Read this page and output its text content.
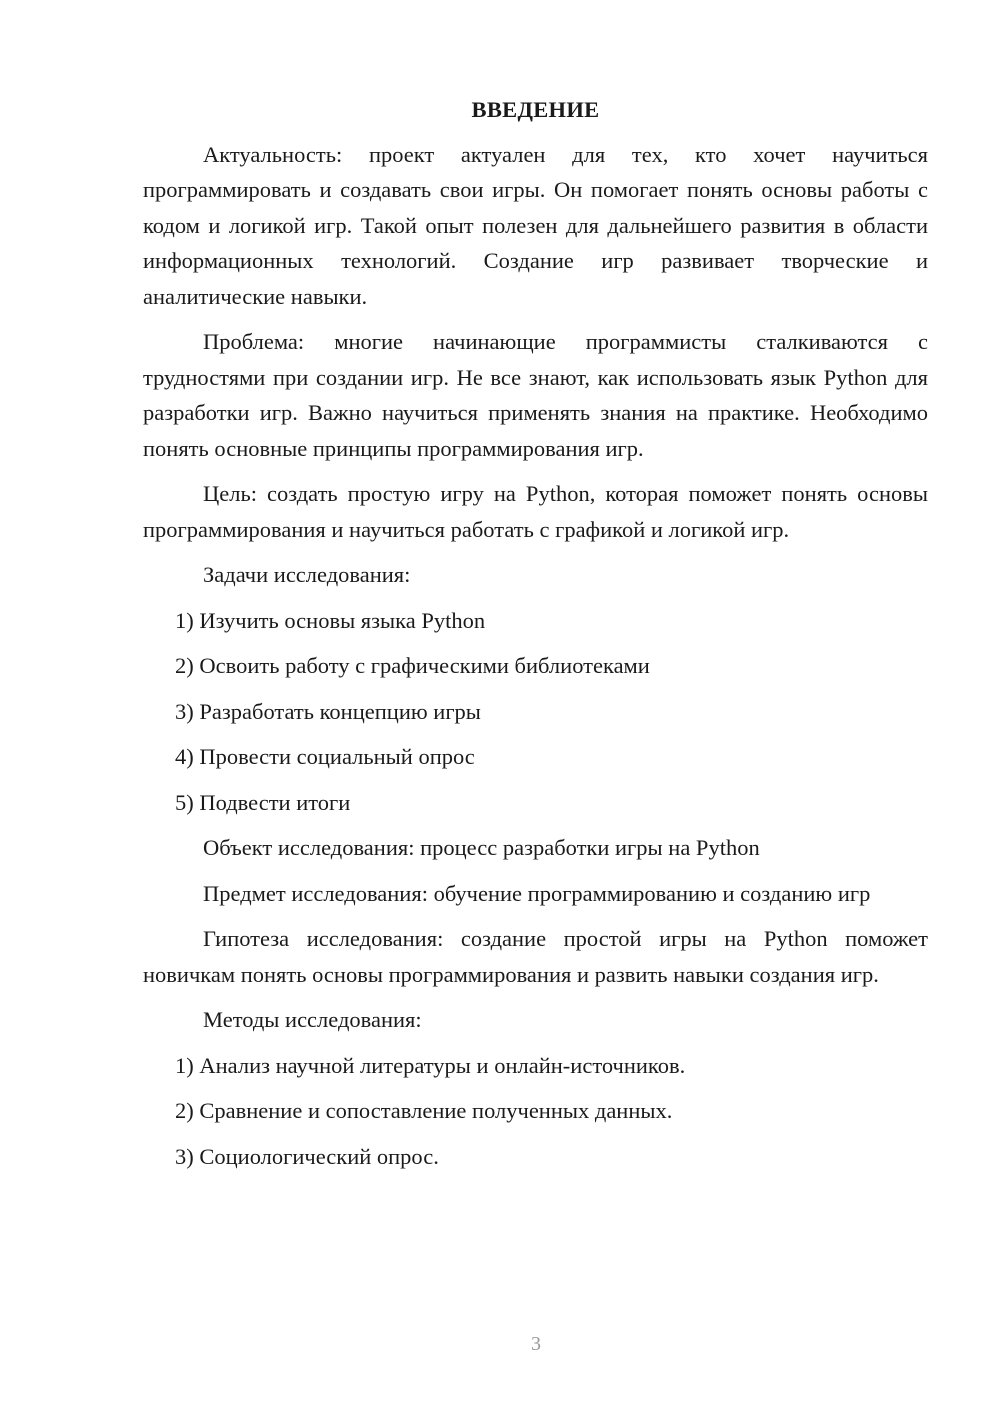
ВВЕДЕНИЕ

Актуальность: проект актуален для тех, кто хочет научиться программировать и создавать свои игры. Он помогает понять основы работы с кодом и логикой игр. Такой опыт полезен для дальнейшего развития в области информационных технологий. Создание игр развивает творческие и аналитические навыки.

Проблема: многие начинающие программисты сталкиваются с трудностями при создании игр. Не все знают, как использовать язык Python для разработки игр. Важно научиться применять знания на практике. Необходимо понять основные принципы программирования игр.

Цель: создать простую игру на Python, которая поможет понять основы программирования и научиться работать с графикой и логикой игр.

Задачи исследования:
1) Изучить основы языка Python
2) Освоить работу с графическими библиотеками
3) Разработать концепцию игры
4) Провести социальный опрос
5) Подвести итоги
Объект исследования: процесс разработки игры на Python

Предмет исследования: обучение программированию и созданию игр

Гипотеза исследования: создание простой игры на Python поможет новичкам понять основы программирования и развить навыки создания игр.

Методы исследования:
1) Анализ научной литературы и онлайн-источников.
2) Сравнение и сопоставление полученных данных.
3) Социологический опрос.
3
